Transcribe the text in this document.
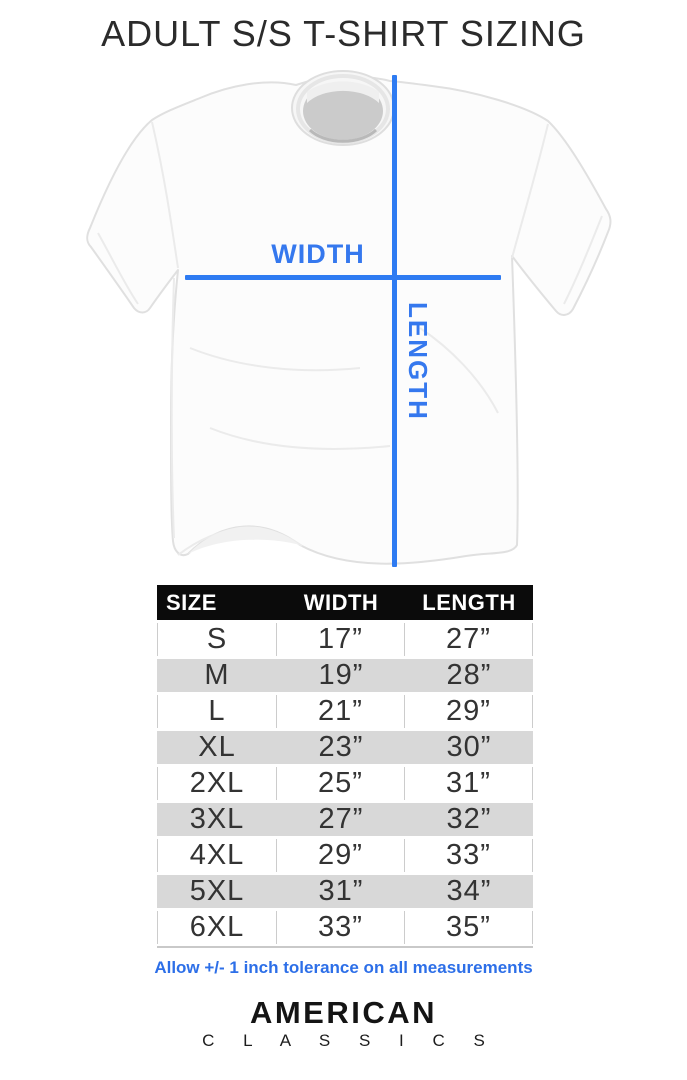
ADULT S/S T-SHIRT SIZING
WIDTH
LENGTH
SIZE	WIDTH	LENGTH
S	17”	27”
M	19”	28”
L	21”	29”
XL	23”	30”
2XL	25”	31”
3XL	27”	32”
4XL	29”	33”
5XL	31”	34”
6XL	33”	35”
Allow +/- 1 inch tolerance on all measurements
AMERICAN
C L A S S I C S
